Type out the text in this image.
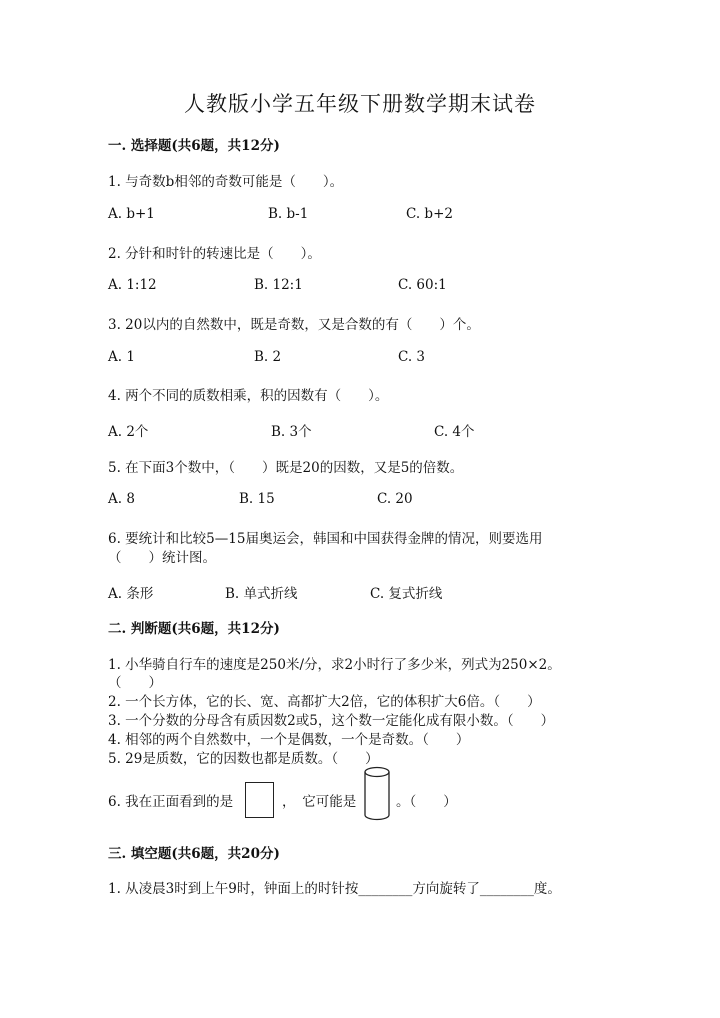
人教版小学五年级下册数学期末试卷
一. 选择题(共6题，共12分)
1. 与奇数b相邻的奇数可能是（　　）。
A. b+1	B. b-1	C. b+2
2. 分针和时针的转速比是（　　）。
A. 1:12	B. 12:1	C. 60:1
3. 20以内的自然数中，既是奇数，又是合数的有（　　）个。
A. 1	B. 2	C. 3
4. 两个不同的质数相乘，积的因数有（　　）。
A. 2个	B. 3个	C. 4个
5. 在下面3个数中，（　　）既是20的因数，又是5的倍数。
A. 8	B. 15	C. 20
6. 要统计和比较5—15届奥运会，韩国和中国获得金牌的情况，则要选用
（　　）统计图。
A. 条形	B. 单式折线	C. 复式折线
二. 判断题(共6题，共12分)
1. 小华骑自行车的速度是250米/分，求2小时行了多少米，列式为250×2。
（　　）
2. 一个长方体，它的长、宽、高都扩大2倍，它的体积扩大6倍。（　　）
3. 一个分数的分母含有质因数2或5，这个数一定能化成有限小数。（　　）
4. 相邻的两个自然数中，一个是偶数，一个是奇数。（　　）
5. 29是质数，它的因数也都是质数。（　　）
6. 我在正面看到的是	，　它可能是	。（　　）
三. 填空题(共6题，共20分)
1. 从凌晨3时到上午9时，钟面上的时针按________方向旋转了________度。
